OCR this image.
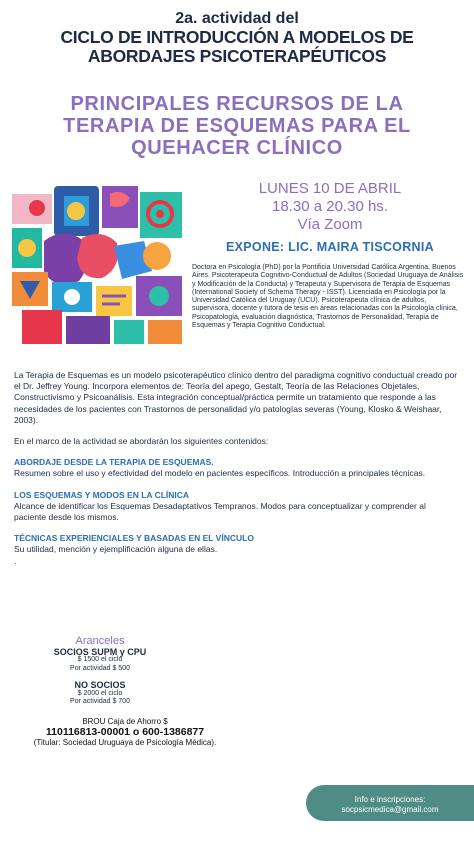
2a. actividad del
CICLO DE INTRODUCCIÓN A MODELOS DE
ABORDAJES PSICOTERAPÉUTICOS
PRINCIPALES RECURSOS DE LA
TERAPIA DE ESQUEMAS PARA EL
QUEHACER CLÍNICO
LUNES 10 DE ABRIL
18.30 a 20.30 hs.
Vía Zoom
EXPONE: LIC. MAIRA TISCORNIA
Doctora en Psicología (PhD) por la Pontificia Universidad Católica Argentina, Buenos Aires. Psicoterapeuta Cognitivo-Conductual de Adultos (Sociedad Uruguaya de Análisis y Modificación de la Conducta) y Terapeuta y Supervisora de Terapia de Esquemas (International Society of Schema Therapy - ISST). Licenciada en Psicología por la Universidad Católica del Uruguay (UCU). Psicoterapeuta clínica de adultos, supervisora, docente y tutora de tesis en áreas relacionadas con la Psicología clínica, Psicopatología, evaluación diagnóstica, Trastornos de Personalidad, Terapia de Esquemas y Terapia Cognitivo Conductual.

La Terapia de Esquemas es un modelo psicoterapéutico clínico dentro del paradigma cognitivo conductual creado por el Dr. Jeffrey Young. Incorpora elementos de: Teoría del apego, Gestalt, Teoría de las Relaciones Objetales, Constructivismo y Psicoanálisis. Esta integración conceptual/práctica permite un tratamiento que responde a las necesidades de los pacientes con Trastornos de personalidad y/o patologías severas (Young, Klosko & Weishaar, 2003).

En el marco de la actividad se abordarán los siguientes contenidos:

ABORDAJE DESDE LA TERAPIA DE ESQUEMAS.
Resumen sobre el uso y efectividad del modelo en pacientes específicos. Introducción a principales técnicas.

LOS ESQUEMAS Y MODOS EN LA CLÍNICA
Alcance de identificar los Esquemas Desadaptativos Tempranos. Modos para conceptualizar y comprender al paciente desde los mismos.

TÉCNICAS EXPERIENCIALES Y BASADAS EN EL VÍNCULO
Su utilidad, mención y ejemplificación alguna de ellas.

.
Aranceles
SOCIOS SUPM y CPU
$ 1500 el ciclo
Por actividad $ 500
NO SOCIOS
$ 2000 el ciclo
Por actividad $ 700
BROU Caja de Ahorro $
110116813-00001 o 600-1386877
(Titular: Sociedad Uruguaya de Psicología Médica).
Info e inscripciones:
socpsicmedica@gmail.com
